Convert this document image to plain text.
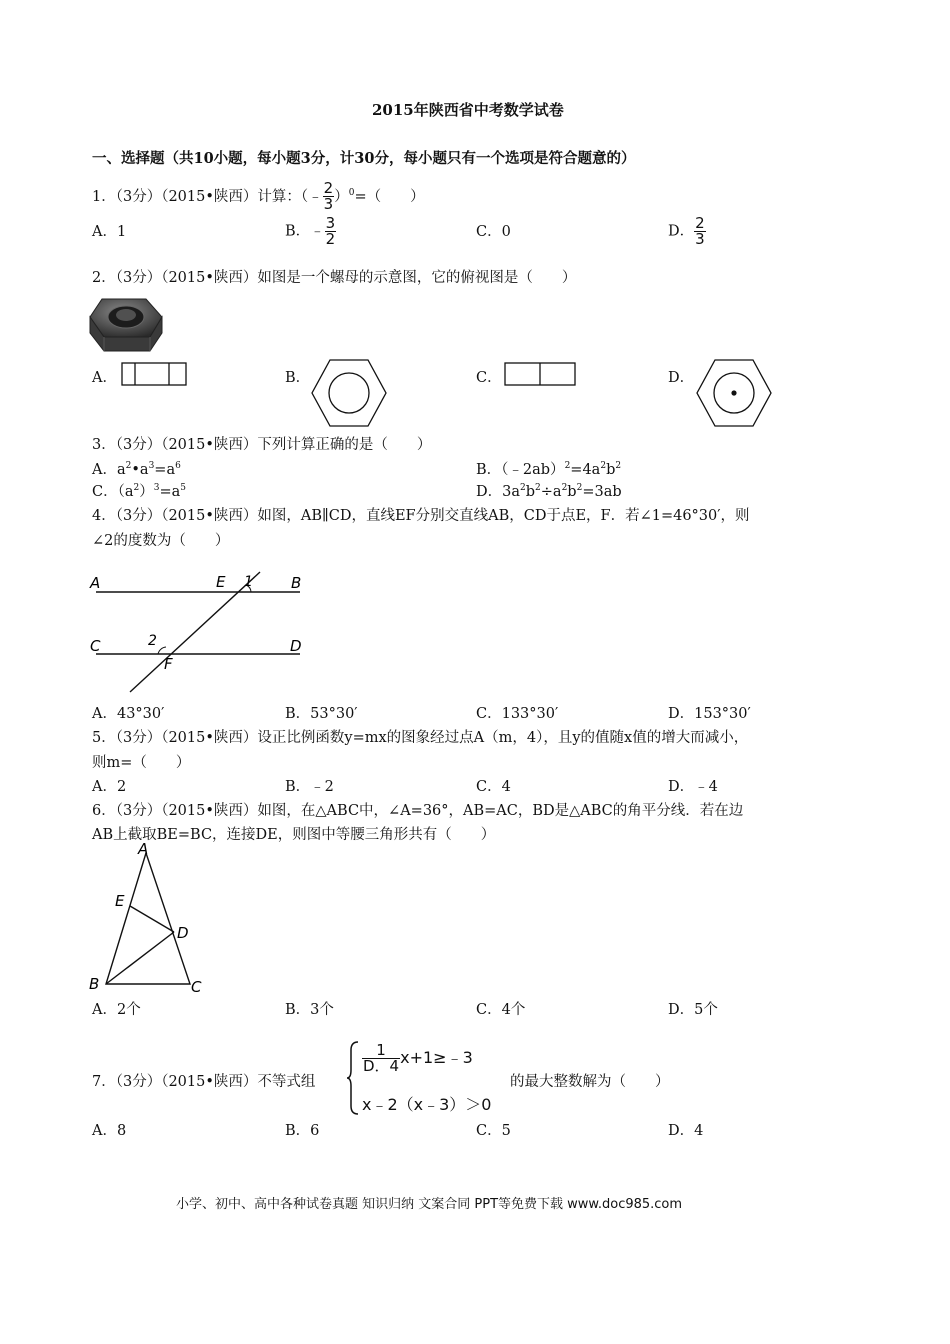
2015年陕西省中考数学试卷
一、选择题（共10小题，每小题3分，计30分，每小题只有一个选项是符合题意的）
1．（3分）（2015•陕西）计算：（﹣ $\frac{2}{3} )^0=$（　　）
A．1	B．﹣ $\frac{3}{2}$	C．0	D． $\frac{2}{3}$
2．（3分）（2015•陕西）如图是一个螺母的示意图，它的俯视图是（　　）
A．	B．	C．	D．
3．（3分）（2015•陕西）下列计算正确的是（　　）
A．$a^2•a^3=a^6$	B．$(﹣2ab)^2=4a^2b^2$
C．$(a^2)^3=a^5$	D．$3a^2b^2\div a^2b^2=3ab$
4．（3分）（2015•陕西）如图，AB∥CD，直线EF分别交直线AB，CD于点E，F．若∠1=46°30′，则
∠2的度数为（　　）
A	B
C	D
E
F
1
2
A．43°30′	B．53°30′	C．133°30′	D．153°30′
5．（3分）（2015•陕西）设正比例函数y=mx的图象经过点A（m，4），且y的值随x值的增大而减小，
则m=（　　）
A．2	B．﹣2	C．4	D．﹣4
6．（3分）（2015•陕西）如图，在△ABC中，∠A=36°，AB=AC，BD是△ABC的角平分线．若在边
AB上截取BE=BC，连接DE，则图中等腰三角形共有（　　）
A
E
D
B	C
A．2个	B．3个	C．4个	D．5个
7．（3分）（2015•陕西）不等式组
$\frac{1}{D.4}$ x+1≥﹣3
x﹣2（x﹣3）＞0
的最大整数解为（　　）
A．8	B．6	C．5	D．4
小学、初中、高中各种试卷真题 知识归纳 文案合同 PPT等免费下载 www.doc985.com
